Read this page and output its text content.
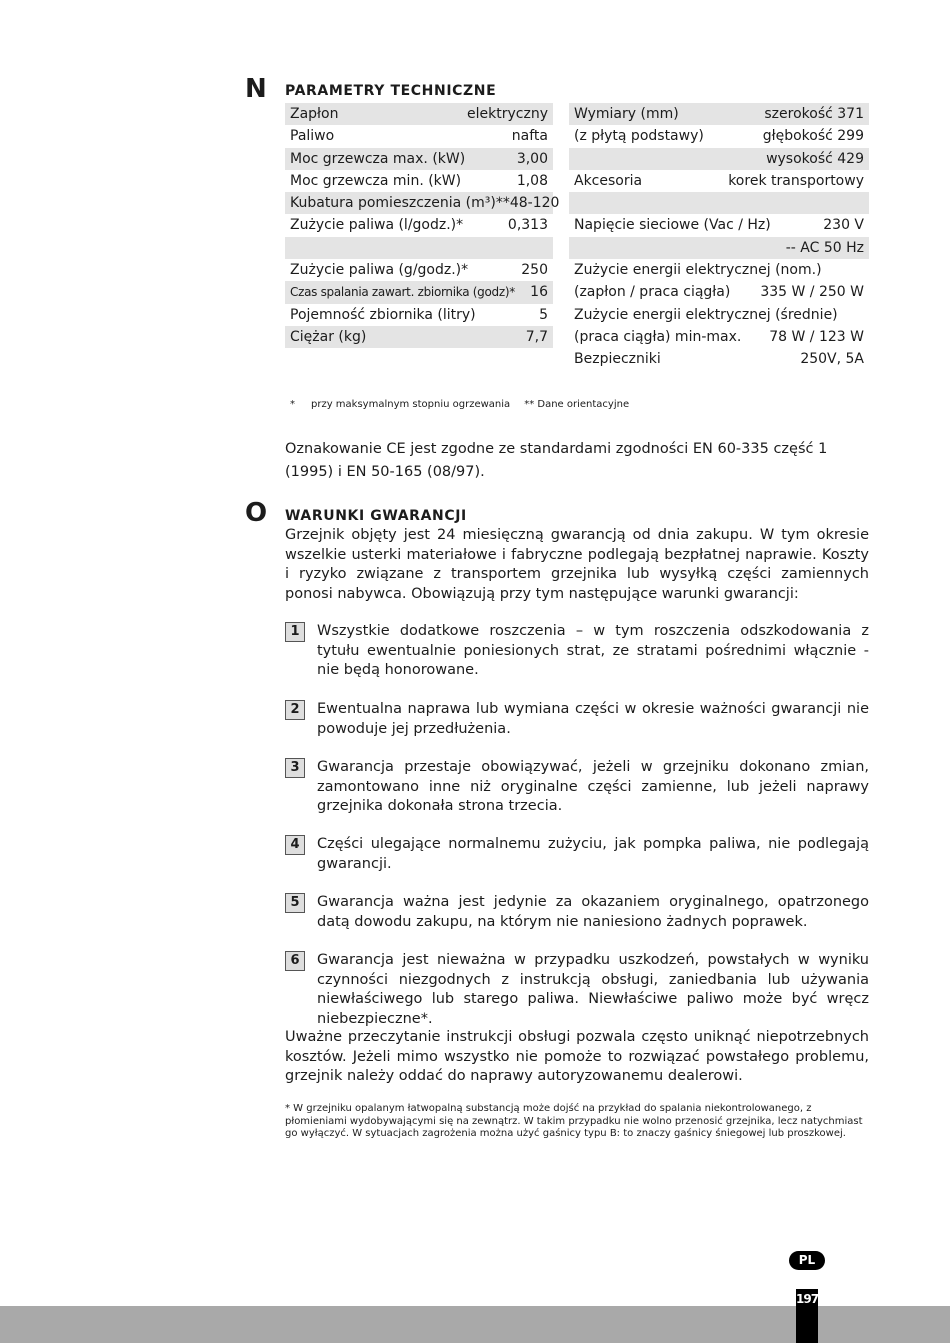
N PARAMETRY TECHNICZNE
Zapłon	elektryczny
Paliwo	nafta
Moc grzewcza max. (kW)	3,00
Moc grzewcza min. (kW)	1,08
Kubatura pomieszczenia (m³)** 48-120
Zużycie paliwa (l/godz.)*	0,313
Zużycie paliwa (g/godz.)*	250
Czas spalania zawart. zbiornika (godz)* 16
Pojemność zbiornika (litry)	5
Ciężar (kg)	7,7
Wymiary (mm)	szerokość 371
(z płytą podstawy)	głębokość 299
wysokość 429
Akcesoria	korek transportowy
Napięcie sieciowe (Vac / Hz)	230 V
-- AC 50 Hz
Zużycie energii elektrycznej (nom.)
(zapłon / praca ciągła) 335 W / 250 W
Zużycie energii elektrycznej (średnie)
(praca ciągła) min-max. 78 W / 123 W
Bezpieczniki	250V, 5A
* przy maksymalnym stopniu ogrzewania ** Dane orientacyjne
Oznakowanie CE jest zgodne ze standardami zgodności EN 60-335 część 1 (1995) i EN 50-165 (08/97).
O WARUNKI GWARANCJI
Grzejnik objęty jest 24 miesięczną gwarancją od dnia zakupu. W tym okresie wszelkie usterki materiałowe i fabryczne podlegają bezpłatnej naprawie. Koszty i ryzyko związane z transportem grzejnika lub wysyłką części zamiennych ponosi nabywca. Obowiązują przy tym następujące warunki gwarancji:
1	Wszystkie dodatkowe roszczenia – w tym roszczenia odszkodowania z tytułu ewentualnie poniesionych strat, ze stratami pośrednimi włącznie - nie będą honorowane.
2	Ewentualna naprawa lub wymiana części w okresie ważności gwarancji nie powoduje jej przedłużenia.
3	Gwarancja przestaje obowiązywać, jeżeli w grzejniku dokonano zmian, zamontowano inne niż oryginalne części zamienne, lub jeżeli naprawy grzejnika dokonała strona trzecia.
4	Części ulegające normalnemu zużyciu, jak pompka paliwa, nie podlegają gwarancji.
5	Gwarancja ważna jest jedynie za okazaniem oryginalnego, opatrzonego datą dowodu zakupu, na którym nie naniesiono żadnych poprawek.
6	Gwarancja jest nieważna w przypadku uszkodzeń, powstałych w wyniku czynności niezgodnych z instrukcją obsługi, zaniedbania lub używania niewłaściwego lub starego paliwa. Niewłaściwe paliwo może być wręcz niebezpieczne*.
Uważne przeczytanie instrukcji obsługi pozwala często uniknąć niepotrzebnych kosztów. Jeżeli mimo wszystko nie pomoże to rozwiązać powstałego problemu, grzejnik należy oddać do naprawy autoryzowanemu dealerowi.
* W grzejniku opalanym łatwopalną substancją może dojść na przykład do spalania niekontrolowanego, z płomieniami wydobywającymi się na zewnątrz. W takim przypadku nie wolno przenosić grzejnika, lecz natychmiast go wyłączyć. W sytuacjach zagrożenia można użyć gaśnicy typu B: to znaczy gaśnicy śniegowej lub proszkowej.
PL
197
